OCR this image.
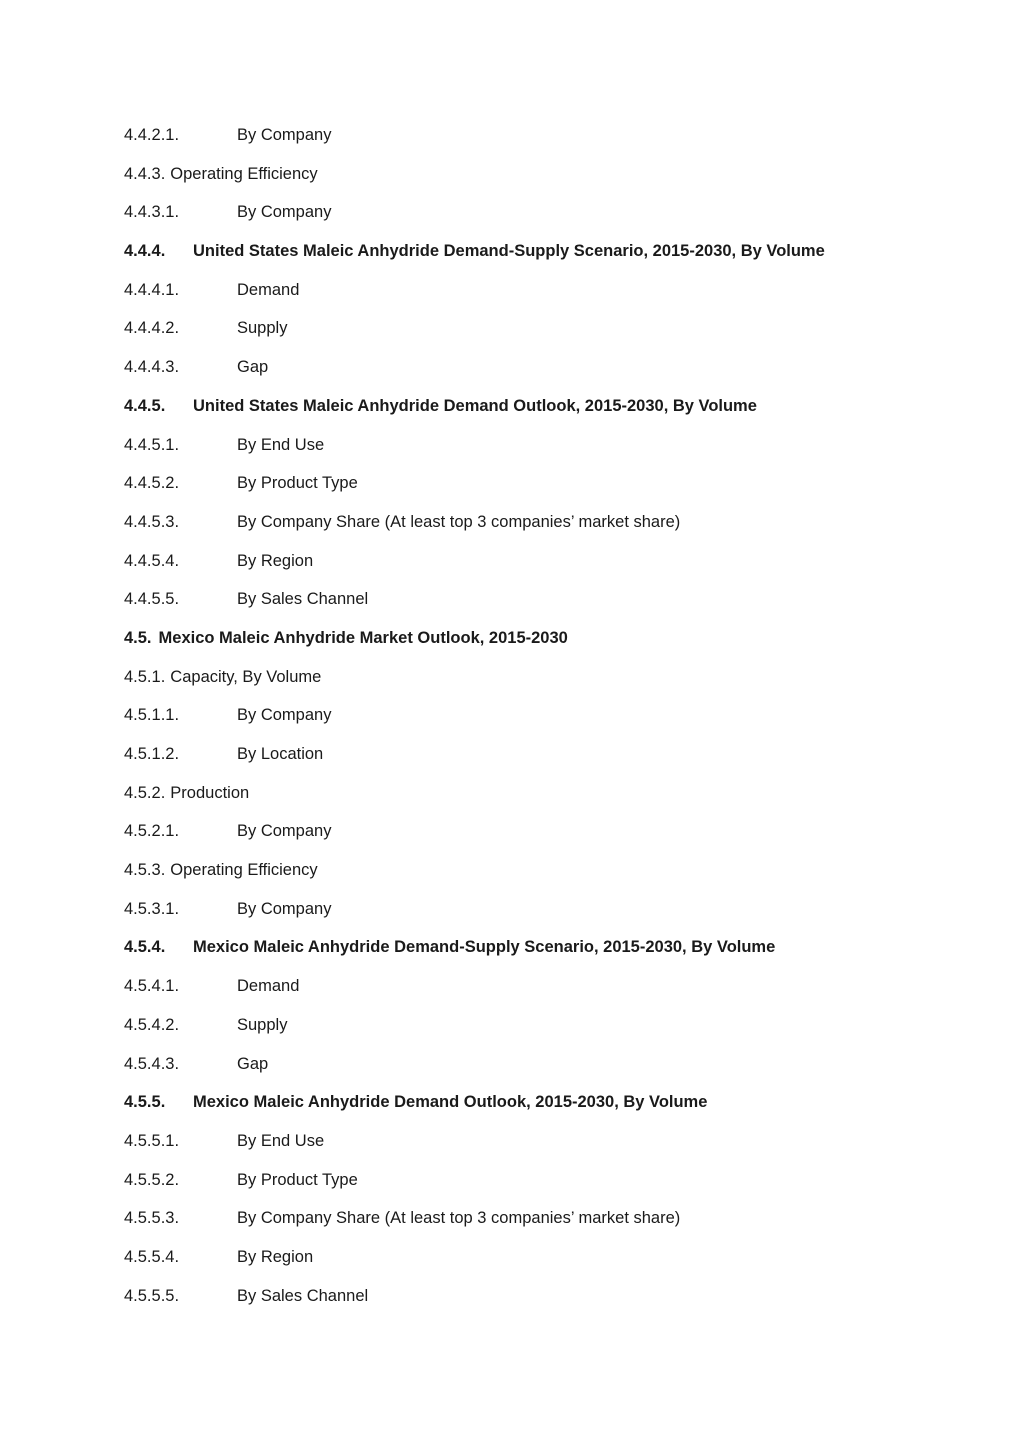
4.4.2.1.	By Company
4.4.3. Operating Efficiency
4.4.3.1.	By Company
4.4.4. United States Maleic Anhydride Demand-Supply Scenario, 2015-2030, By Volume
4.4.4.1.	Demand
4.4.4.2.	Supply
4.4.4.3.	Gap
4.4.5. United States Maleic Anhydride Demand Outlook, 2015-2030, By Volume
4.4.5.1.	By End Use
4.4.5.2.	By Product Type
4.4.5.3.	By Company Share (At least top 3 companies’ market share)
4.4.5.4.	By Region
4.4.5.5.	By Sales Channel
4.5. Mexico Maleic Anhydride Market Outlook, 2015-2030
4.5.1. Capacity, By Volume
4.5.1.1.	By Company
4.5.1.2.	By Location
4.5.2. Production
4.5.2.1.	By Company
4.5.3. Operating Efficiency
4.5.3.1.	By Company
4.5.4. Mexico Maleic Anhydride Demand-Supply Scenario, 2015-2030, By Volume
4.5.4.1.	Demand
4.5.4.2.	Supply
4.5.4.3.	Gap
4.5.5. Mexico Maleic Anhydride Demand Outlook, 2015-2030, By Volume
4.5.5.1.	By End Use
4.5.5.2.	By Product Type
4.5.5.3.	By Company Share (At least top 3 companies’ market share)
4.5.5.4.	By Region
4.5.5.5.	By Sales Channel
